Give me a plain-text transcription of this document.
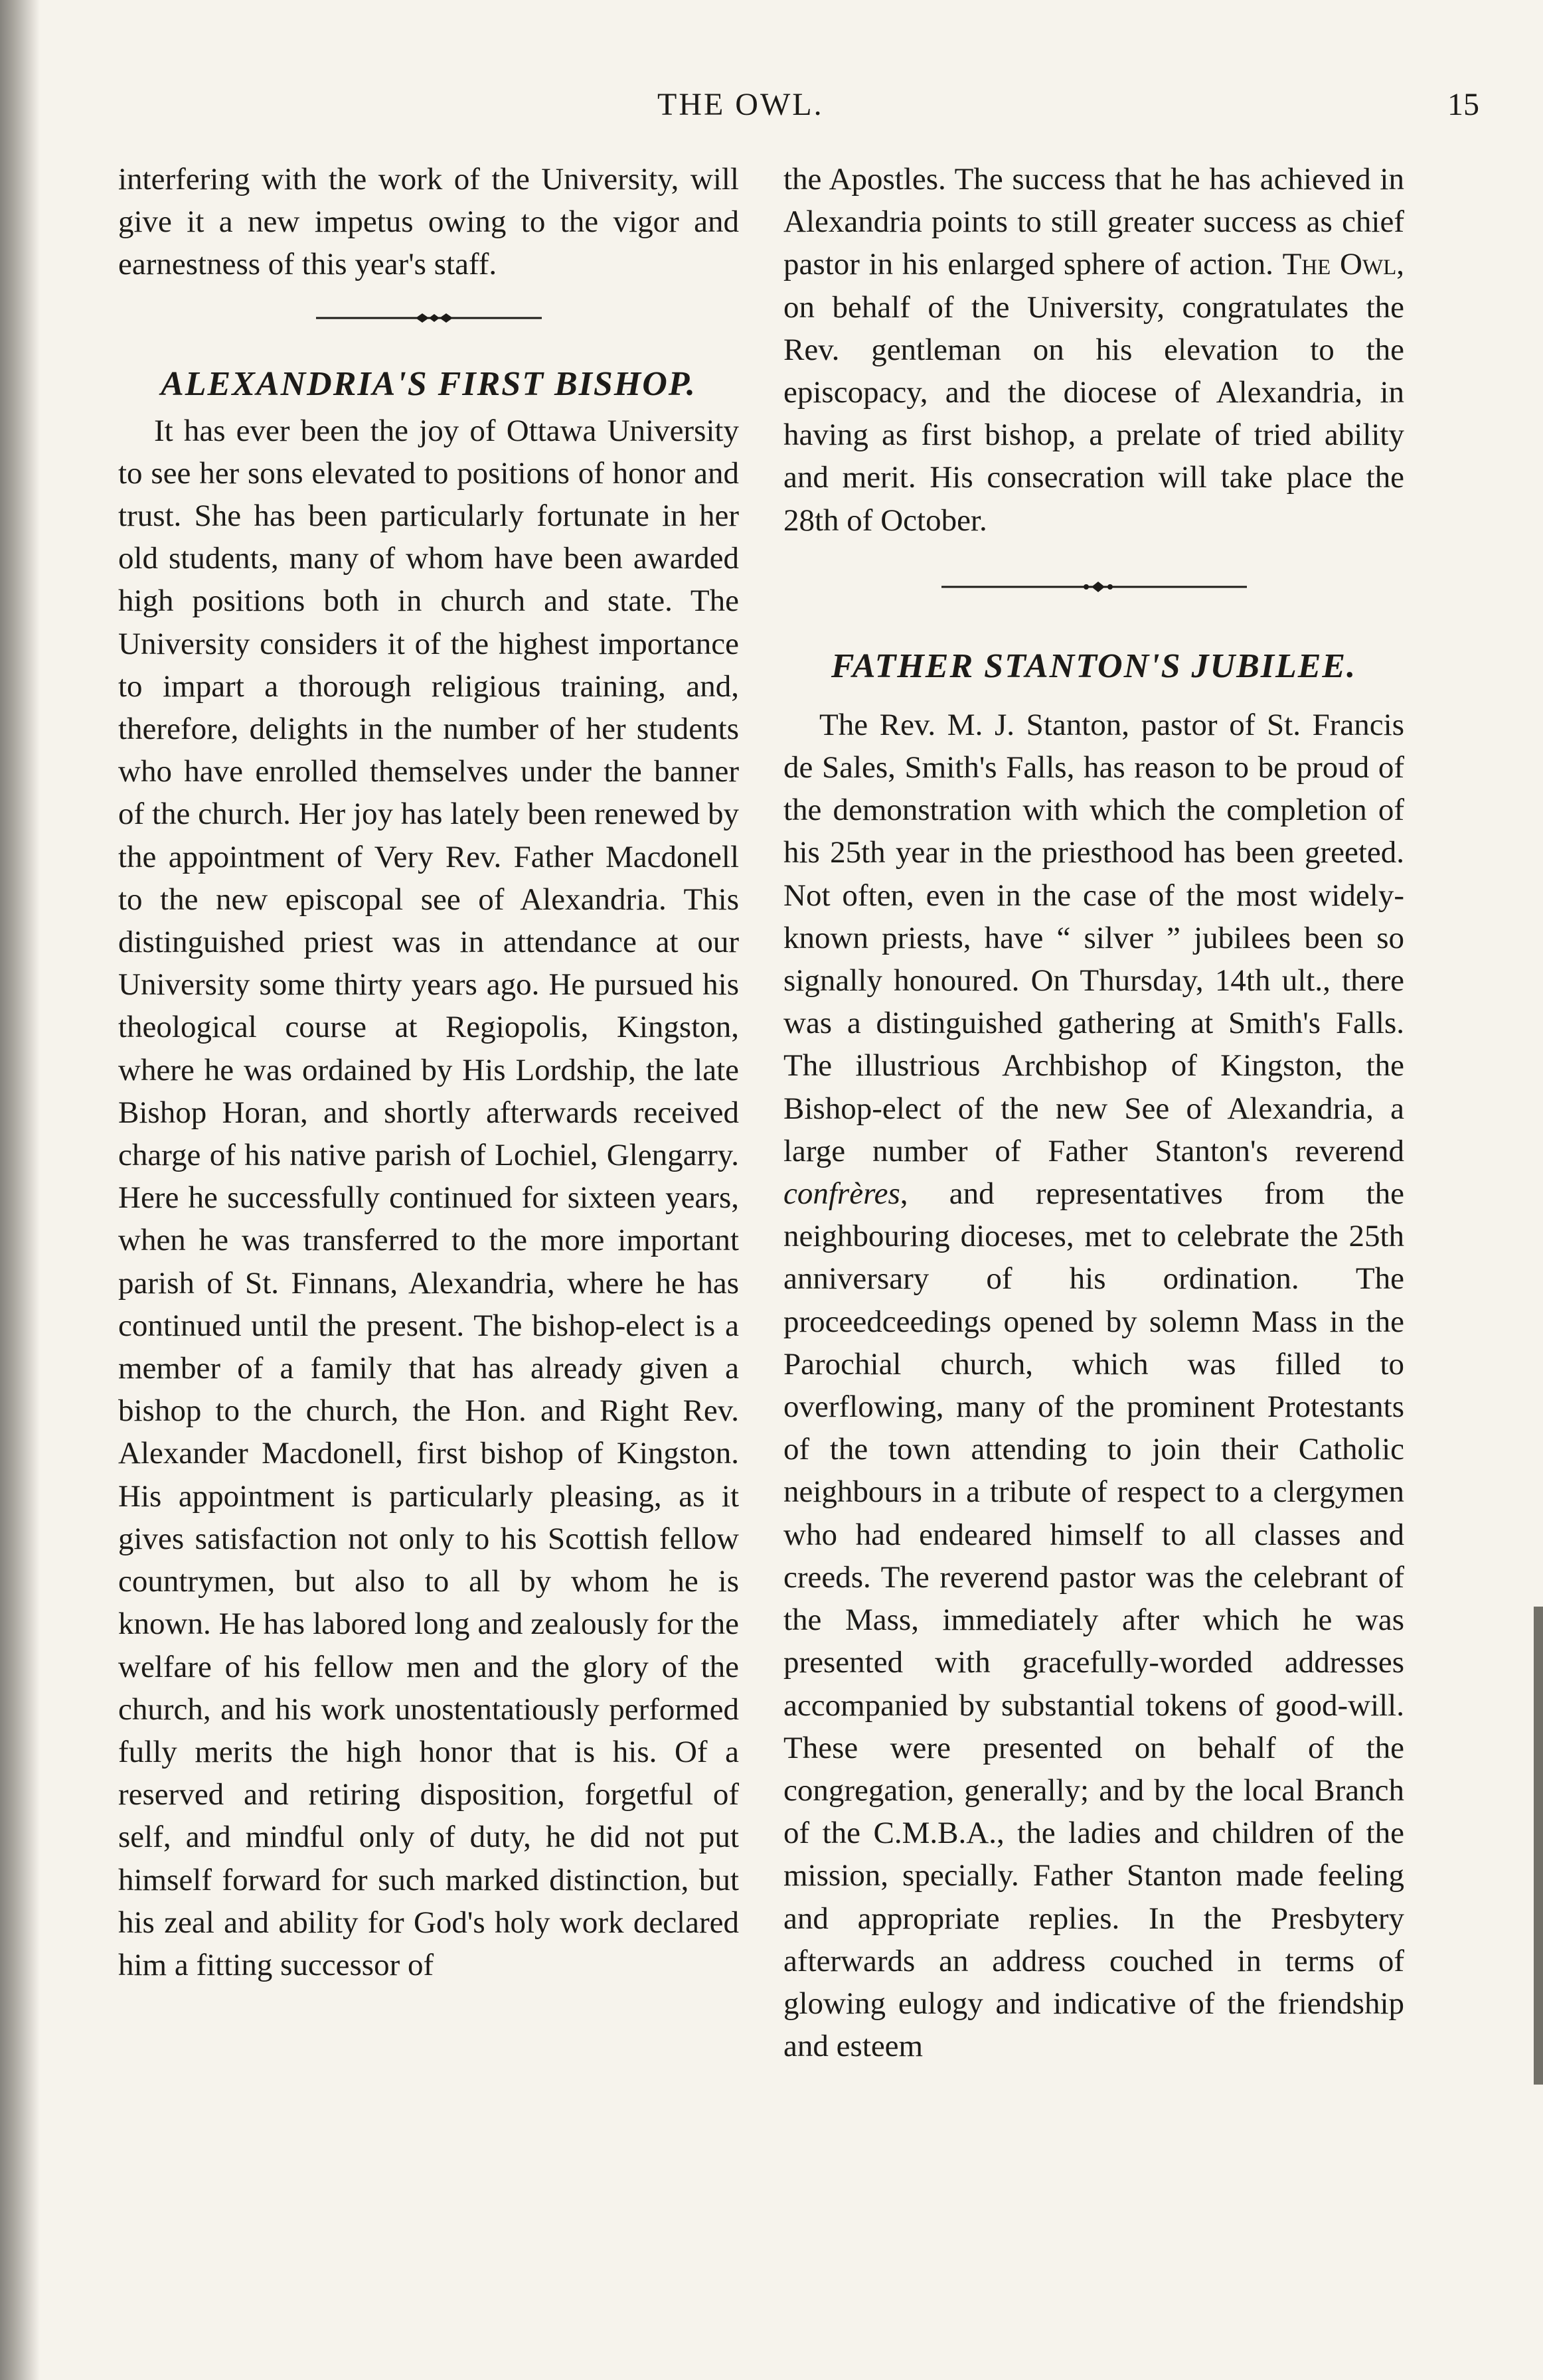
THE OWL.	15

interfering with the work of the University, will give it a new impetus owing to the vigor and earnestness of this year's staff.

ALEXANDRIA'S FIRST BISHOP.

It has ever been the joy of Ottawa University to see her sons elevated to positions of honor and trust. She has been particularly fortunate in her old students, many of whom have been awarded high positions both in church and state. The University considers it of the highest importance to impart a thorough religious training, and, therefore, delights in the number of her students who have enrolled themselves under the banner of the church. Her joy has lately been renewed by the appointment of Very Rev. Father Macdonell to the new episcopal see of Alexandria. This distinguished priest was in attendance at our University some thirty years ago. He pursued his theological course at Regiopolis, Kingston, where he was ordained by His Lordship, the late Bishop Horan, and shortly afterwards received charge of his native parish of Lochiel, Glengarry. Here he successfully continued for sixteen years, when he was transferred to the more important parish of St. Finnans, Alexandria, where he has continued until the present. The bishop-elect is a member of a family that has already given a bishop to the church, the Hon. and Right Rev. Alexander Macdonell, first bishop of Kingston. His appointment is particularly pleasing, as it gives satisfaction not only to his Scottish fellow countrymen, but also to all by whom he is known. He has labored long and zealously for the welfare of his fellow men and the glory of the church, and his work unostentatiously performed fully merits the high honor that is his. Of a reserved and retiring disposition, forgetful of self, and mindful only of duty, he did not put himself forward for such marked distinction, but his zeal and ability for God's holy work declared him a fitting successor of

the Apostles. The success that he has achieved in Alexandria points to still greater success as chief pastor in his enlarged sphere of action. The Owl, on behalf of the University, congratulates the Rev. gentleman on his elevation to the episcopacy, and the diocese of Alexandria, in having as first bishop, a prelate of tried ability and merit. His consecration will take place the 28th of October.

FATHER STANTON'S JUBILEE.

The Rev. M. J. Stanton, pastor of St. Francis de Sales, Smith's Falls, has reason to be proud of the demonstration with which the completion of his 25th year in the priesthood has been greeted. Not often, even in the case of the most widely-known priests, have “ silver ” jubilees been so signally honoured. On Thursday, 14th ult., there was a distinguished gathering at Smith's Falls. The illustrious Archbishop of Kingston, the Bishop-elect of the new See of Alexandria, a large number of Father Stanton's reverend confrères, and representatives from the neighbouring dioceses, met to celebrate the 25th anniversary of his ordination. The proceedceedings opened by solemn Mass in the Parochial church, which was filled to overflowing, many of the prominent Protestants of the town attending to join their Catholic neighbours in a tribute of respect to a clergymen who had endeared himself to all classes and creeds. The reverend pastor was the celebrant of the Mass, immediately after which he was presented with gracefully-worded addresses accompanied by substantial tokens of good-will. These were presented on behalf of the congregation, generally; and by the local Branch of the C.M.B.A., the ladies and children of the mission, specially. Father Stanton made feeling and appropriate replies. In the Presbytery afterwards an address couched in terms of glowing eulogy and indicative of the friendship and esteem
